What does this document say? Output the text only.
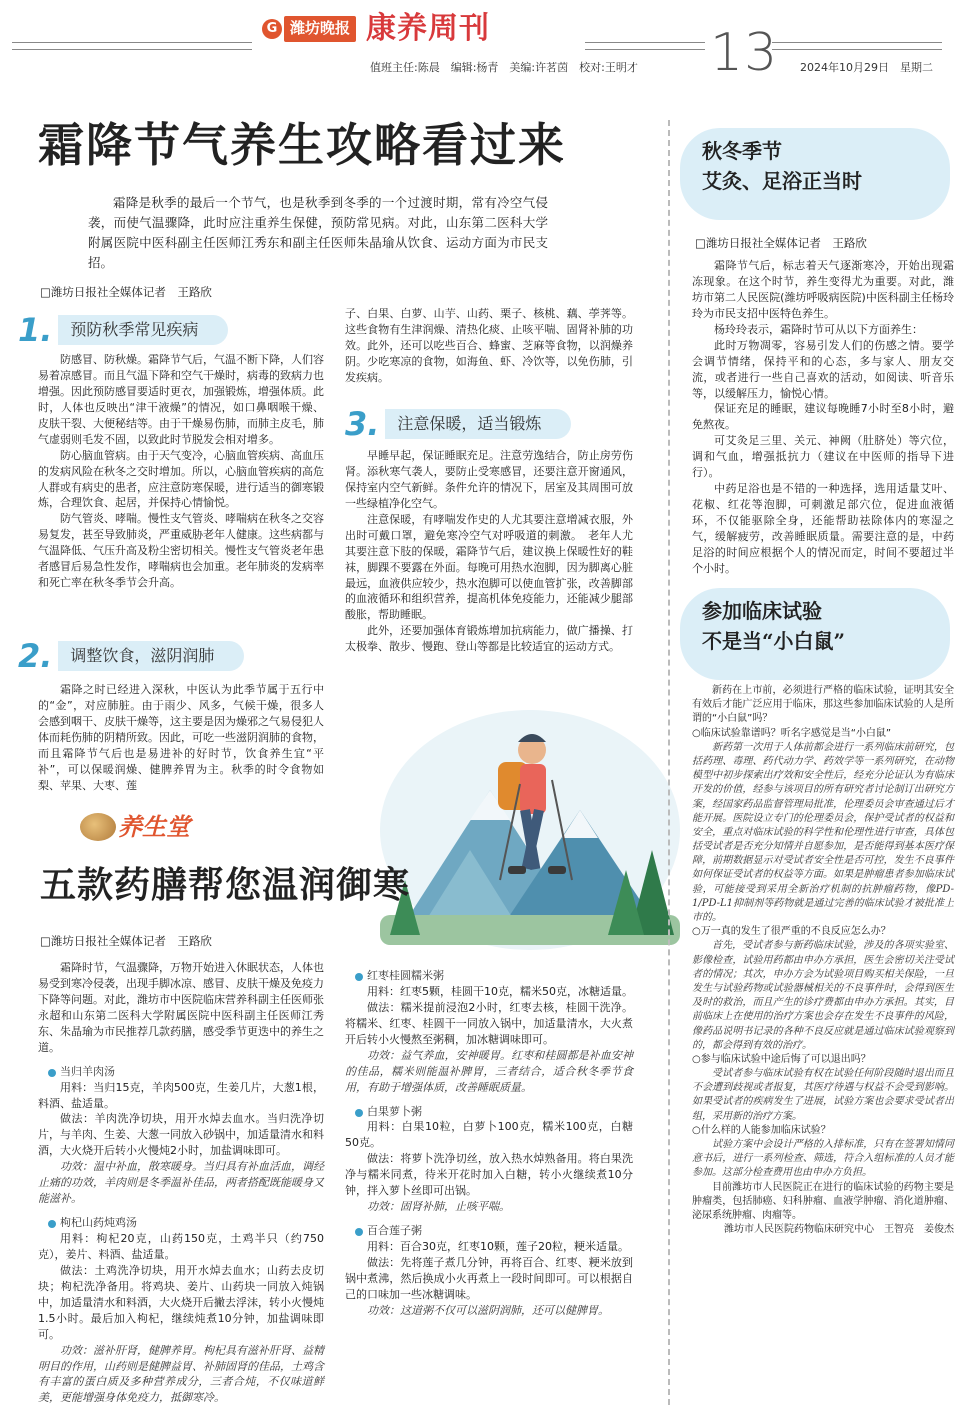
G 潍坊晚报 康养周刊	13
值班主任:陈晨　编辑:杨青　美编:许茗茵　校对:王明才	2024年10月29日　星期二
霜降节气养生攻略看过来

霜降是秋季的最后一个节气，也是秋季到冬季的一个过渡时期，常有冷空气侵袭，而使气温骤降，此时应注重养生保健，预防常见病。对此，山东第二医科大学附属医院中医科副主任医师江秀东和副主任医师朱晶瑜从饮食、运动方面为市民支招。

□潍坊日报社全媒体记者　王路欣
1.	预防秋季常见疾病

防感冒、防秋燥。霜降节气后，气温不断下降，人们容易着凉感冒。而且气温下降和空气干燥时，病毒的致病力也增强。因此预防感冒要适时更衣，加强锻炼，增强体质。此时，人体也反映出“津干液燥”的情况，如口鼻咽喉干燥、皮肤干裂、大便秘结等。由于干燥易伤肺，而肺主皮毛，肺气虚弱则毛发不固，以致此时节脱发会相对增多。

防心脑血管病。由于天气变冷，心脑血管疾病、高血压的发病风险在秋冬之交时增加。所以，心脑血管疾病的高危人群或有病史的患者，应注意防寒保暖，进行适当的御寒锻炼，合理饮食、起居，并保持心情愉悦。

防气管炎、哮喘。慢性支气管炎、哮喘病在秋冬之交容易复发，甚至导致肺炎，严重威胁老年人健康。这些病都与气温降低、气压升高及粉尘密切相关。慢性支气管炎老年患者感冒后易急性发作，哮喘病也会加重。老年肺炎的发病率和死亡率在秋冬季节会升高。

2.	调整饮食，滋阴润肺

霜降之时已经进入深秋，中医认为此季节属于五行中的“金”，对应肺脏。由于雨少、风多，气候干燥，很多人会感到咽干、皮肤干燥等，这主要是因为燥邪之气易侵犯人体而耗伤肺的阴精所致。因此，可吃一些滋阴润肺的食物，而且霜降节气后也是易进补的好时节，饮食养生宜“平补”，可以保暖润燥、健脾养胃为主。秋季的时令食物如梨、苹果、大枣、莲

子、白果、白萝、山芋、山药、栗子、核桃、藕、荸荠等。这些食物有生津润燥、清热化痰、止咳平喘、固肾补肺的功效。此外，还可以吃些百合、蜂蜜、芝麻等食物，以润燥养阴。少吃寒凉的食物，如海鱼、虾、冷饮等，以免伤肺，引发疾病。

3.	注意保暖，适当锻炼

早睡早起，保证睡眠充足。注意劳逸结合，防止房劳伤肾。添秋寒气袭人，要防止受寒感冒，还要注意开窗通风，保持室内空气新鲜。条件允许的情况下，居室及其周围可放一些绿植净化空气。

注意保暖，有哮喘发作史的人尤其要注意增减衣服，外出时可戴口罩，避免寒冷空气对呼吸道的刺激。　老年人尤其要注意下肢的保暖，霜降节气后，建议换上保暖性好的鞋袜，脚踝不要露在外面。每晚可用热水泡脚，因为脚离心脏最远，血液供应较少，热水泡脚可以使血管扩张，改善脚部的血液循环和组织营养，提高机体免疫能力，还能减少腿部酸胀，帮助睡眠。

此外，还要加强体育锻炼增加抗病能力，做广播操、打太极拳、散步、慢跑、登山等都是比较适宜的运动方式。

养生堂
五款药膳帮您温润御寒
□潍坊日报社全媒体记者　王路欣

霜降时节，气温骤降，万物开始进入休眠状态，人体也易受到寒冷侵袭，出现手脚冰凉、感冒、皮肤干燥及免疫力下降等问题。对此，潍坊市中医院临床营养科副主任医师张永超和山东第二医科大学附属医院中医科副主任医师江秀东、朱晶瑜为市民推荐几款药膳，感受季节更迭中的养生之道。

当归羊肉汤

用料：当归15克，羊肉500克，生姜几片，大葱1根，料酒、盐适量。

做法：羊肉洗净切块，用开水焯去血水。当归洗净切片，与羊肉、生姜、大葱一同放入砂锅中，加适量清水和料酒，大火烧开后转小火慢炖2小时，加盐调味即可。

功效：温中补血，散寒暖身。当归具有补血活血，调经止痛的功效，羊肉则是冬季温补佳品，两者搭配既能暖身又能滋补。

枸杞山药炖鸡汤

用料：枸杞20克，山药150克，土鸡半只（约750克），姜片、料酒、盐适量。

做法：土鸡洗净切块，用开水焯去血水；山药去皮切块；枸杞洗净备用。将鸡块、姜片、山药块一同放入炖锅中，加适量清水和料酒，大火烧开后撇去浮沫，转小火慢炖1.5小时。最后加入枸杞，继续炖煮10分钟，加盐调味即可。

功效：滋补肝肾，健脾养胃。枸杞具有滋补肝肾、益精明目的作用，山药则是健脾益胃、补肺固肾的佳品，土鸡含有丰富的蛋白质及多种营养成分，三者合炖，不仅味道鲜美，更能增强身体免疫力，抵御寒冷。

红枣桂圆糯米粥

用料：红枣5颗，桂圆干10克，糯米50克，冰糖适量。

做法：糯米提前浸泡2小时，红枣去核，桂圆干洗净。将糯米、红枣、桂圆干一同放入锅中，加适量清水，大火煮开后转小火慢熬至粥稠，加冰糖调味即可。

功效：益气养血，安神暖胃。红枣和桂圆都是补血安神的佳品，糯米则能温补脾胃，三者结合，适合秋冬季节食用，有助于增强体质，改善睡眠质量。

白果萝卜粥

用料：白果10粒，白萝卜100克，糯米100克，白糖50克。

做法：将萝卜洗净切丝，放入热水焯熟备用。将白果洗净与糯米同煮，待米开花时加入白糖，转小火继续煮10分钟，拌入萝卜丝即可出锅。

功效：固肾补肺，止咳平喘。

百合莲子粥

用料：百合30克，红枣10颗，莲子20粒，粳米适量。

做法：先将莲子煮几分钟，再将百合、红枣、粳米放到锅中煮沸，然后换成小火再煮上一段时间即可。可以根据自己的口味加一些冰糖调味。

功效：这道粥不仅可以滋阴润肺，还可以健脾胃。

秋冬季节
艾灸、足浴正当时
□潍坊日报社全媒体记者　王路欣

霜降节气后，标志着天气逐渐寒冷，开始出现霜冻现象。在这个时节，养生变得尤为重要。对此，潍坊市第二人民医院(潍坊呼吸病医院)中医科副主任杨玲玲为市民支招中医特色养生。

杨玲玲表示，霜降时节可从以下方面养生：

此时万物凋零，容易引发人们的伤感之情。要学会调节情绪，保持平和的心态，多与家人、朋友交流，或者进行一些自己喜欢的活动，如阅读、听音乐等，以缓解压力，愉悦心情。

保证充足的睡眠，建议每晚睡7小时至8小时，避免熬夜。

可艾灸足三里、关元、神阙（肚脐处）等穴位，调和气血，增强抵抗力（建议在中医师的指导下进行）。

中药足浴也是不错的一种选择，选用适量艾叶、花椒、红花等泡脚，可刺激足部穴位，促进血液循环，不仅能驱除全身，还能帮助祛除体内的寒湿之气，缓解疲劳，改善睡眠质量。需要注意的是，中药足浴的时间应根据个人的情况而定，时间不要超过半个小时。

参加临床试验
不是当“小白鼠”

新药在上市前，必须进行严格的临床试验，证明其安全有效后才能广泛应用于临床，那这些参加临床试验的人是所谓的“小白鼠”吗？

○临床试验靠谱吗？听名字感觉是当“小白鼠”

新药第一次用于人体前都会进行一系列临床前研究，包括药理、毒理、药代动力学、药效学等一系列研究，在动物模型中初步探索出疗效和安全性后，经充分论证认为有临床开发的价值，经参与该项目的所有研究者讨论制订出研究方案，经国家药品监督管理局批准，伦理委员会审查通过后才能开展。医院设立专门的伦理委员会，保护受试者的权益和安全，重点对临床试验的科学性和伦理性进行审查，具体包括受试者是否充分知情并自愿参加，是否能得到基本医疗保障，前期数据显示对受试者安全性是否可控，发生不良事件如何保证受试者的权益等方面。如果是肿瘤患者参加临床试验，可能接受到采用全新治疗机制的抗肿瘤药物，像PD-1/PD-L1抑制剂等药物就是通过完善的临床试验才被批准上市的。

○万一真的发生了很严重的不良反应怎么办？

首先，受试者参与新药临床试验，涉及的各项实验室、影像检查，试验用药都由申办方承担，医生会密切关注受试者的情况；其次，申办方会为试验项目购买相关保险，一旦发生与试验药物或试验器械相关的不良事件时，会得到医生及时的救治，而且产生的诊疗费都由申办方承担。其实，目前临床上在使用的治疗方案也会存在发生不良事件的风险，像药品说明书记录的各种不良反应就是通过临床试验观察到的，都会得到有效的治疗。

○参与临床试验中途后悔了可以退出吗？

受试者参与临床试验有权在试验任何阶段随时退出而且不会遭到歧视或者报复，其医疗待遇与权益不会受到影响。如果受试者的疾病发生了进展，试验方案也会要求受试者出组，采用新的治疗方案。

○什么样的人能参加临床试验？

试验方案中会设计严格的入排标准，只有在签署知情同意书后，进行一系列检查、筛选，符合入组标准的人员才能参加。这部分检查费用也由申办方负担。

目前潍坊市人民医院正在进行的临床试验的药物主要是肿瘤类，包括肺癌、妇科肿瘤、血液学肿瘤、消化道肿瘤、泌尿系统肿瘤、肉瘤等。

潍坊市人民医院药物临床研究中心　王智亮　姜俊杰
